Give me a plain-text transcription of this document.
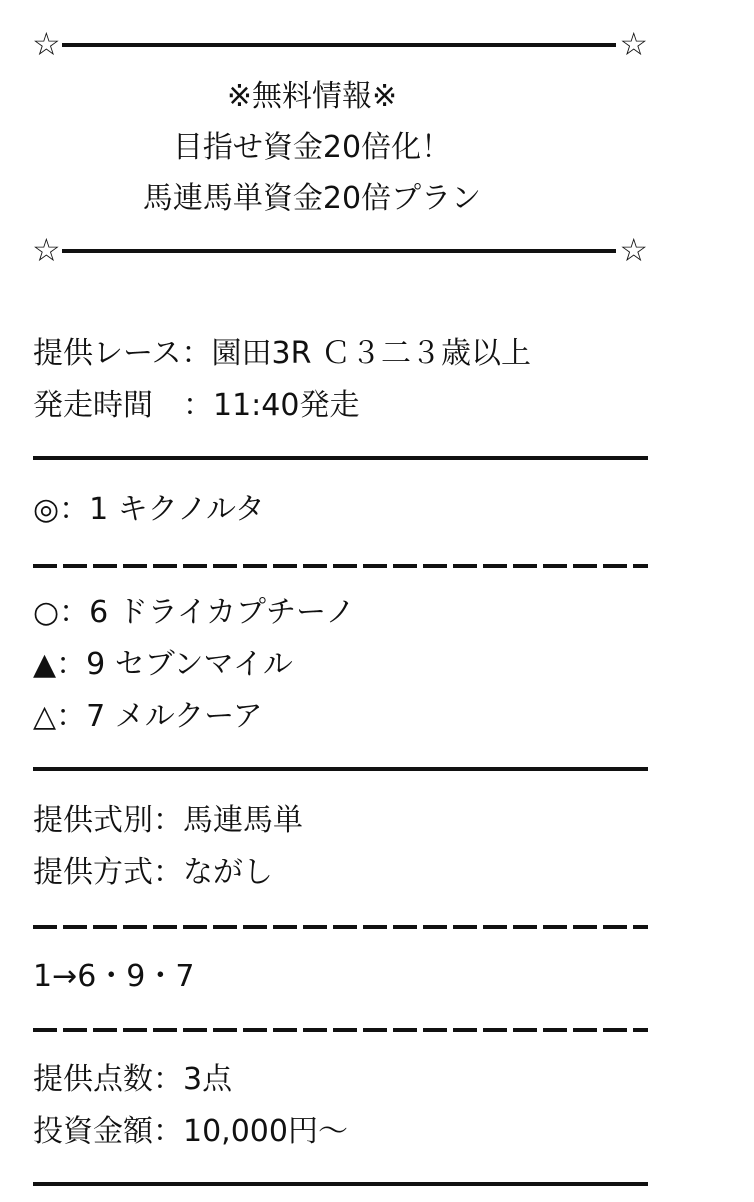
☆	☆
※無料情報※
目指せ資金20倍化！
馬連馬単資金20倍プラン
☆	☆
提供レース：園田3R Ｃ３二３歳以上
発走時間　：11:40発走
◎：1 キクノルタ
○：6 ドライカプチーノ
▲：9 セブンマイル
△：7 メルクーア
提供式別：馬連馬単
提供方式：ながし
1→6・9・7
提供点数：3点
投資金額：10,000円～
